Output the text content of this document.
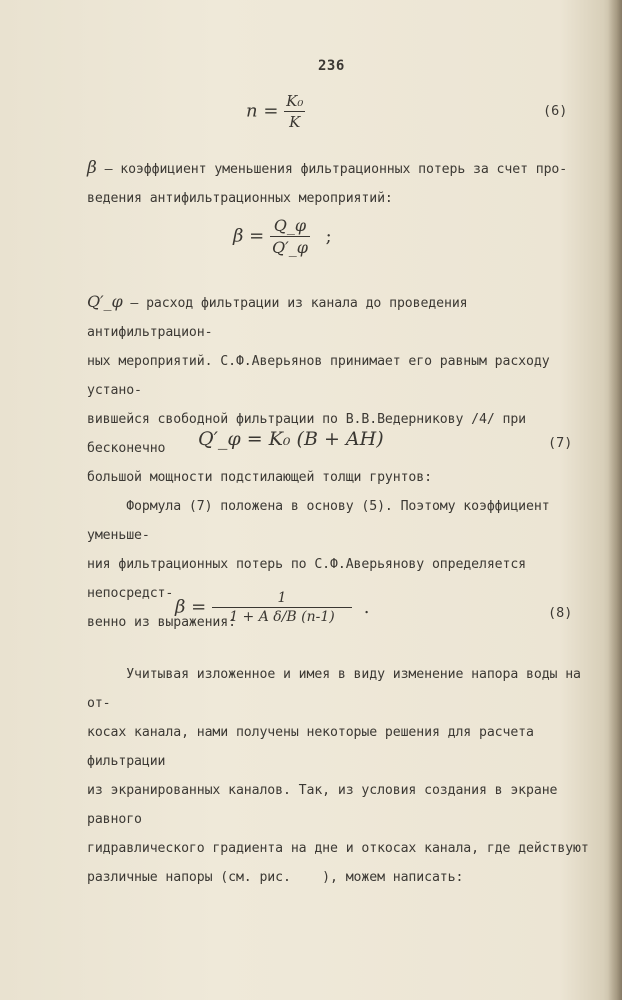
236
$n = \frac{\text{K₀}}{K}$	(6)
β – коэффициент уменьшения фильтрационных потерь за счет про-
ведения антифильтрационных мероприятий:
$\beta = \frac{Q\_\varphi}{Q'\_\varphi}$ ;
Q′_φ – расход фильтрации из канала до проведения антифильтрацион-
ных мероприятий. С.Ф.Аверьянов принимает его равным расходу устано-
вившейся свободной фильтрации по В.В.Ведерникову /4/ при бесконечно
большой мощности подстилающей толщи грунтов:
Q′_φ = K₀ (B + AH)	(7)
Формула (7) положена в основу (5). Поэтому коэффициент уменьше-
ния фильтрационных потерь по С.Ф.Аверьянову определяется непосредст-
венно из выражения:
$\beta = \frac{1}{\text{1 + A δ/B (n-1)}}$ .	(8)
Учитывая изложенное и имея в виду изменение напора воды на от-
косах канала, нами получены некоторые решения для расчета фильтрации
из экранированных каналов. Так, из условия создания в экране равного
гидравлического градиента на дне и откосах канала, где действуют
различные напоры (см. рис.    ), можем написать:
